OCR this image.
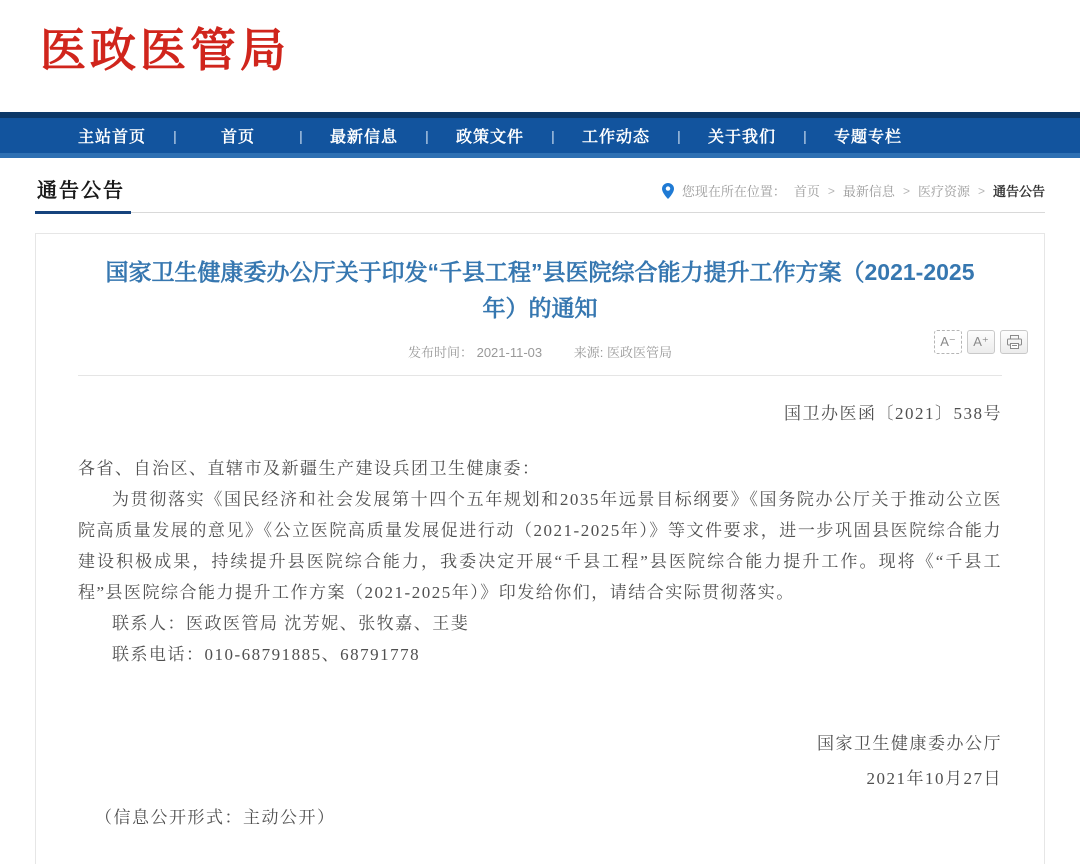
医政医管局
主站首页	|	首页	|	最新信息	|	政策文件	|	工作动态	|	关于我们	|	专题专栏
通告公告	您现在所在位置： 首页 > 最新信息 > 医疗资源 > 通告公告
国家卫生健康委办公厅关于印发“千县工程”县医院综合能力提升工作方案（2021-2025年）的通知
发布时间： 2021-11-03 来源: 医政医管局
A⁻	A⁺

国卫办医函〔2021〕538号

各省、自治区、直辖市及新疆生产建设兵团卫生健康委：

为贯彻落实《国民经济和社会发展第十四个五年规划和2035年远景目标纲要》《国务院办公厅关于推动公立医院高质量发展的意见》《公立医院高质量发展促进行动（2021-2025年）》等文件要求，进一步巩固县医院综合能力建设积极成果，持续提升县医院综合能力，我委决定开展“千县工程”县医院综合能力提升工作。现将《“千县工程”县医院综合能力提升工作方案（2021-2025年）》印发给你们，请结合实际贯彻落实。

联系人：医政医管局 沈芳妮、张牧嘉、王斐

联系电话：010-68791885、68791778

国家卫生健康委办公厅

2021年10月27日

（信息公开形式：主动公开）
